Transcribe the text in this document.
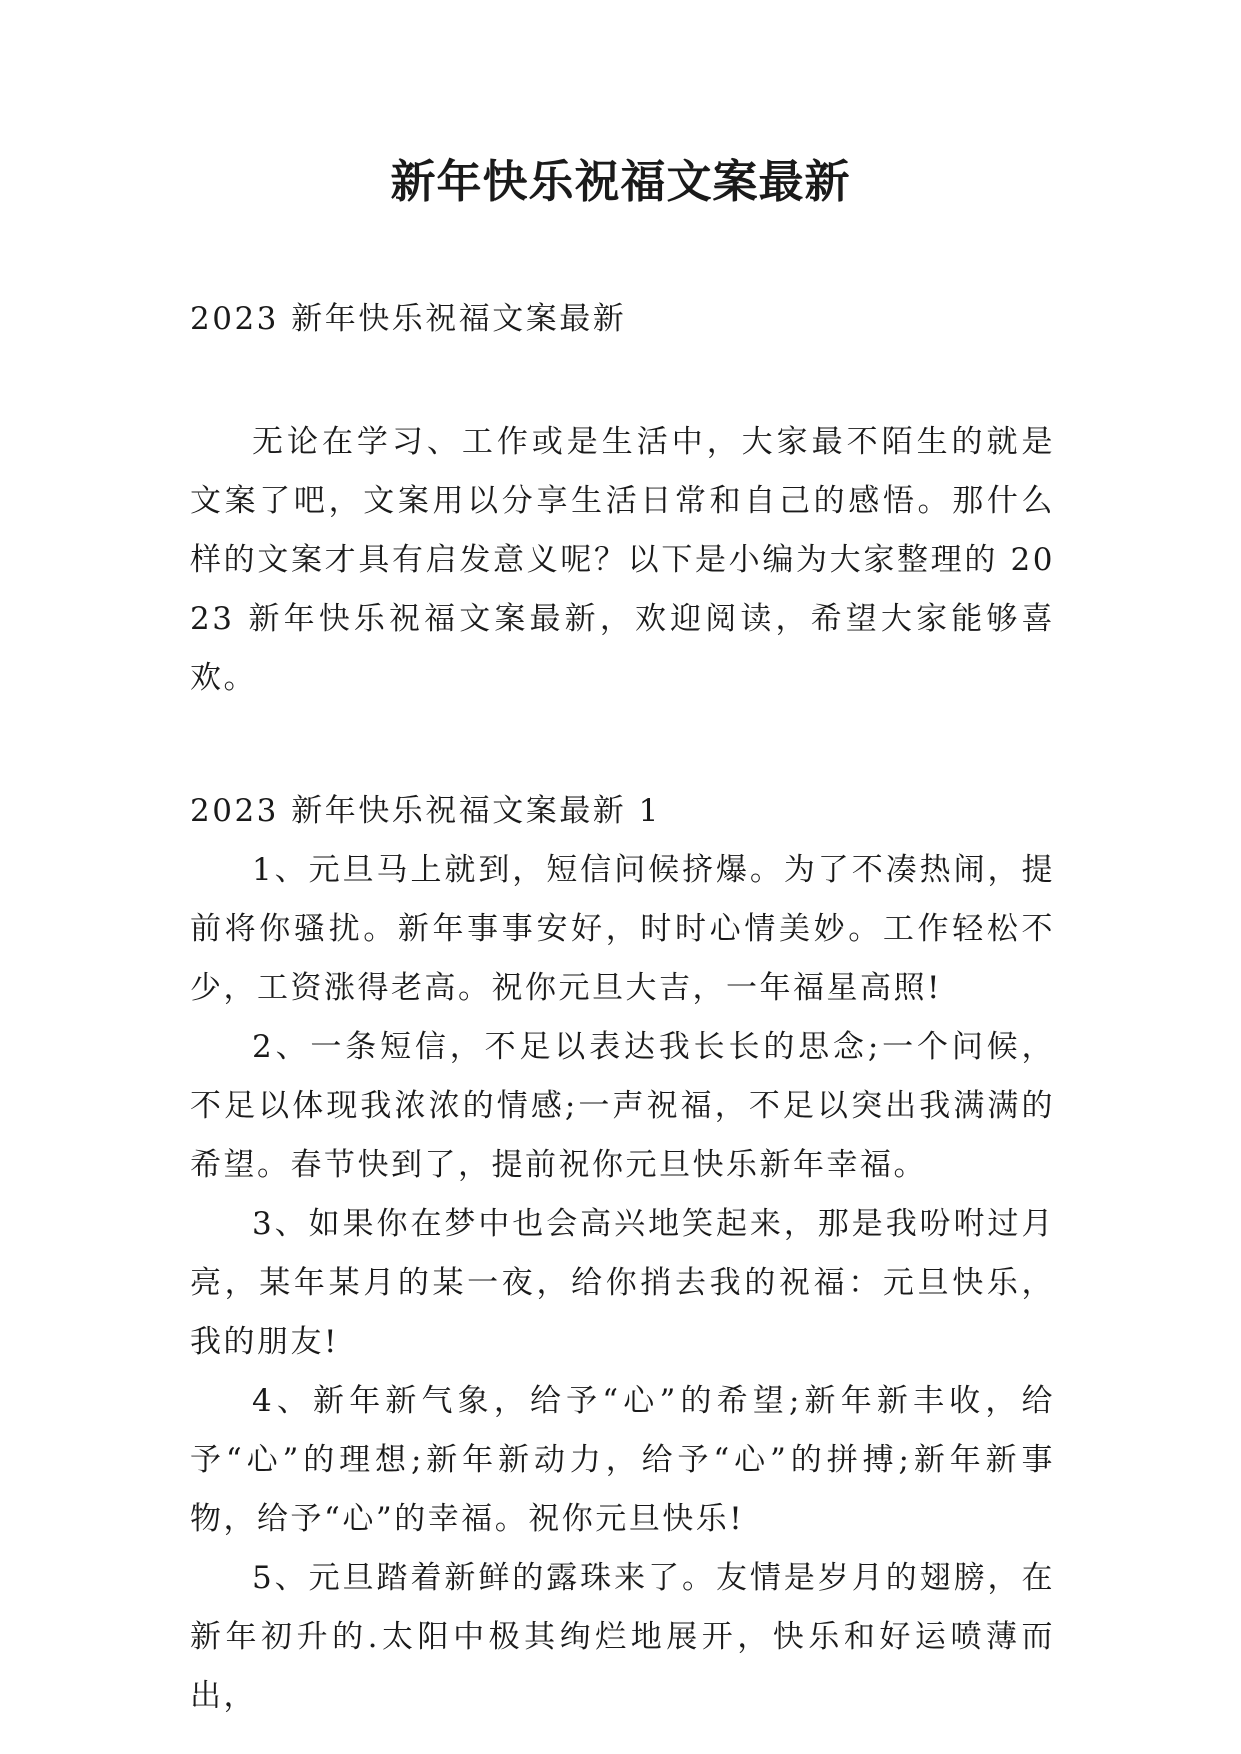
新年快乐祝福文案最新

2023 新年快乐祝福文案最新

无论在学习、工作或是生活中，大家最不陌生的就是文案了吧，文案用以分享生活日常和自己的感悟。那什么样的文案才具有启发意义呢？以下是小编为大家整理的 2023 新年快乐祝福文案最新，欢迎阅读，希望大家能够喜欢。

2023 新年快乐祝福文案最新 1

1、元旦马上就到，短信问候挤爆。为了不凑热闹，提前将你骚扰。新年事事安好，时时心情美妙。工作轻松不少，工资涨得老高。祝你元旦大吉，一年福星高照!

2、一条短信，不足以表达我长长的思念;一个问候，不足以体现我浓浓的情感;一声祝福，不足以突出我满满的希望。春节快到了，提前祝你元旦快乐新年幸福。

3、如果你在梦中也会高兴地笑起来，那是我吩咐过月亮，某年某月的某一夜，给你捎去我的祝福：元旦快乐，我的朋友!

4、新年新气象，给予“心”的希望;新年新丰收，给予“心”的理想;新年新动力，给予“心”的拼搏;新年新事物，给予“心”的幸福。祝你元旦快乐!

5、元旦踏着新鲜的露珠来了。友情是岁月的翅膀，在新年初升的.太阳中极其绚烂地展开，快乐和好运喷薄而出，
